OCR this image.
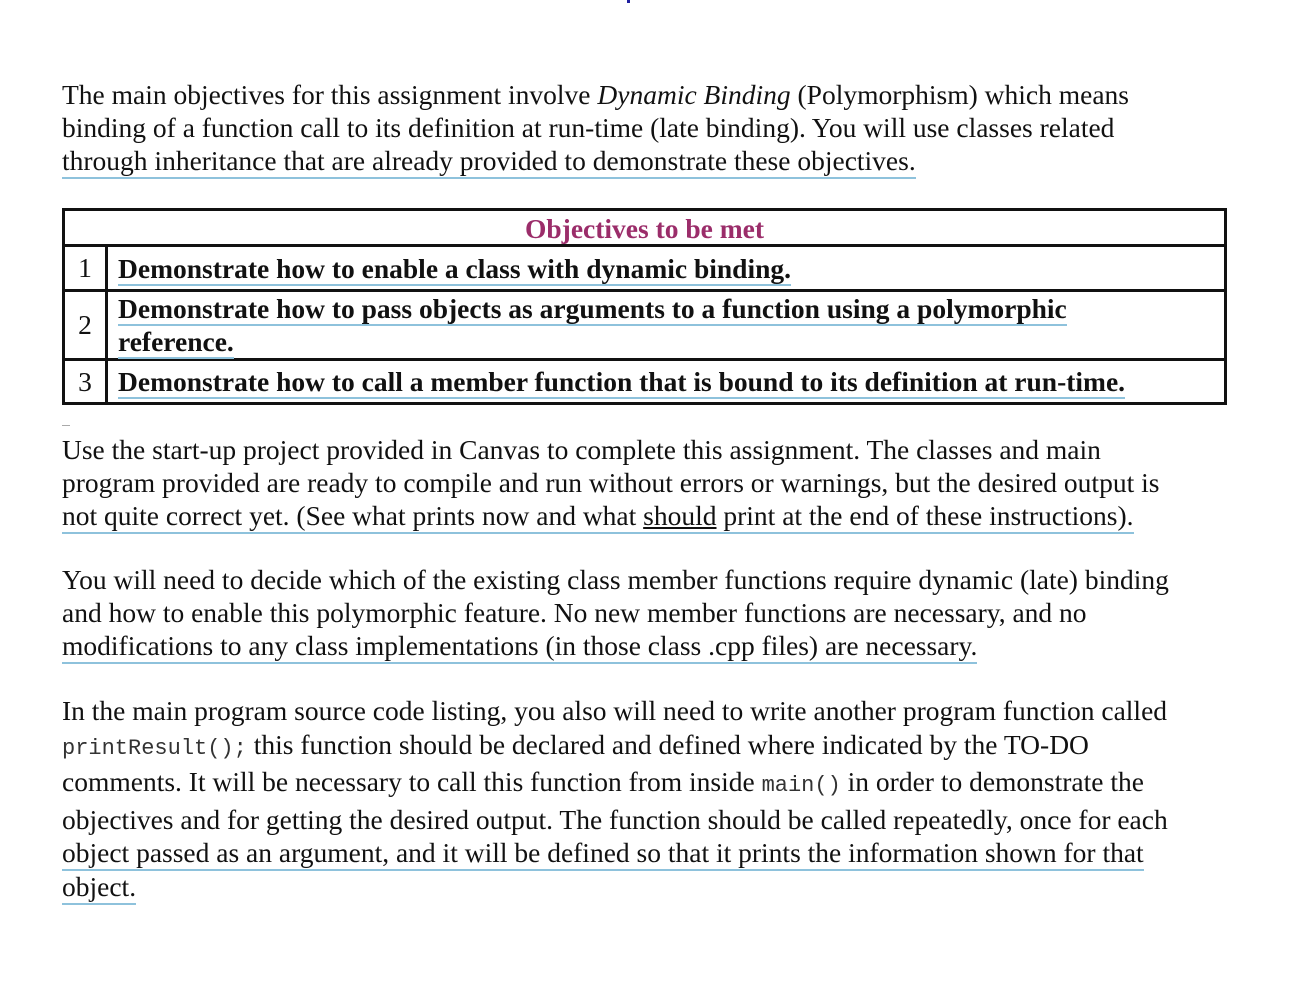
The main objectives for this assignment involve Dynamic Binding (Polymorphism) which means
binding of a function call to its definition at run-time (late binding). You will use classes related
through inheritance that are already provided to demonstrate these objectives.

Objectives to be met	
1	Demonstrate how to enable a class with dynamic binding.
2	Demonstrate how to pass objects as arguments to a function using a polymorphic
reference.
3	Demonstrate how to call a member function that is bound to its definition at run-time.

Use the start-up project provided in Canvas to complete this assignment. The classes and main
program provided are ready to compile and run without errors or warnings, but the desired output is
not quite correct yet. (See what prints now and what should print at the end of these instructions).

You will need to decide which of the existing class member functions require dynamic (late) binding
and how to enable this polymorphic feature. No new member functions are necessary, and no
modifications to any class implementations (in those class .cpp files) are necessary.

In the main program source code listing, you also will need to write another program function called
printResult(); this function should be declared and defined where indicated by the TO-DO
comments. It will be necessary to call this function from inside main() in order to demonstrate the
objectives and for getting the desired output. The function should be called repeatedly, once for each
object passed as an argument, and it will be defined so that it prints the information shown for that
object.
